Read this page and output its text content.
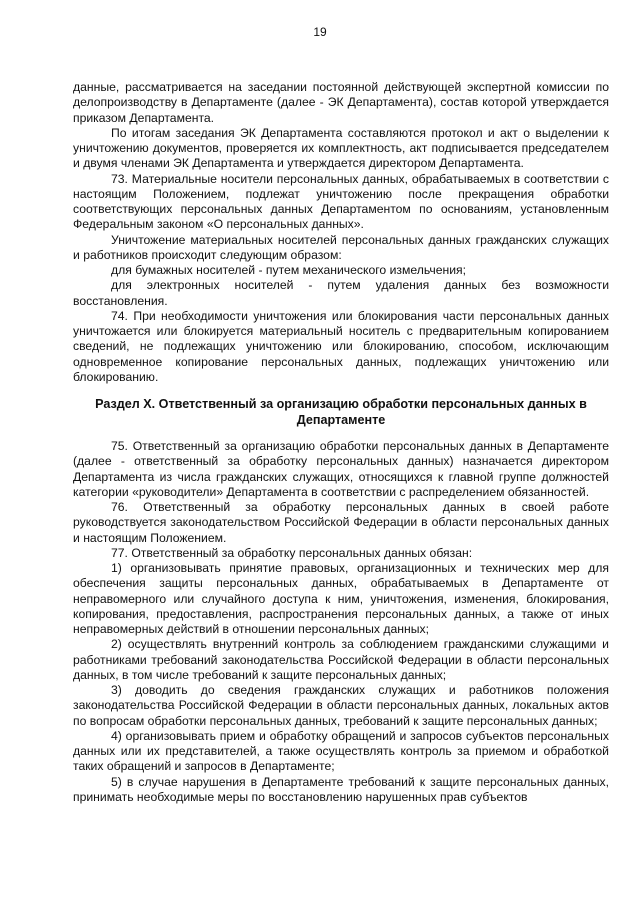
19

данные, рассматривается на заседании постоянной действующей экспертной комиссии по делопроизводству в Департаменте (далее - ЭК Департамента), состав которой утверждается приказом Департамента.

По итогам заседания ЭК Департамента составляются протокол и акт о выделении к уничтожению документов, проверяется их комплектность, акт подписывается председателем и двумя членами ЭК Департамента и утверждается директором Департамента.

73. Материальные носители персональных данных, обрабатываемых в соответствии с настоящим Положением, подлежат уничтожению после прекращения обработки соответствующих персональных данных Департаментом по основаниям, установленным Федеральным законом «О персональных данных».

Уничтожение материальных носителей персональных данных гражданских служащих и работников происходит следующим образом:

для бумажных носителей - путем механического измельчения;

для электронных носителей - путем удаления данных без возможности восстановления.

74. При необходимости уничтожения или блокирования части персональных данных уничтожается или блокируется материальный носитель с предварительным копированием сведений, не подлежащих уничтожению или блокированию, способом, исключающим одновременное копирование персональных данных, подлежащих уничтожению или блокированию.

Раздел X. Ответственный за организацию обработки персональных данных в Департаменте

75. Ответственный за организацию обработки персональных данных в Департаменте (далее - ответственный за обработку персональных данных) назначается директором Департамента из числа гражданских служащих, относящихся к главной группе должностей категории «руководители» Департамента в соответствии с распределением обязанностей.

76. Ответственный за обработку персональных данных в своей работе руководствуется законодательством Российской Федерации в области персональных данных и настоящим Положением.

77. Ответственный за обработку персональных данных обязан:

1) организовывать принятие правовых, организационных и технических мер для обеспечения защиты персональных данных, обрабатываемых в Департаменте от неправомерного или случайного доступа к ним, уничтожения, изменения, блокирования, копирования, предоставления, распространения персональных данных, а также от иных неправомерных действий в отношении персональных данных;

2) осуществлять внутренний контроль за соблюдением гражданскими служащими и работниками требований законодательства Российской Федерации в области персональных данных, в том числе требований к защите персональных данных;

3) доводить до сведения гражданских служащих и работников положения законодательства Российской Федерации в области персональных данных, локальных актов по вопросам обработки персональных данных, требований к защите персональных данных;

4) организовывать прием и обработку обращений и запросов субъектов персональных данных или их представителей, а также осуществлять контроль за приемом и обработкой таких обращений и запросов в Департаменте;

5) в случае нарушения в Департаменте требований к защите персональных данных, принимать необходимые меры по восстановлению нарушенных прав субъектов
